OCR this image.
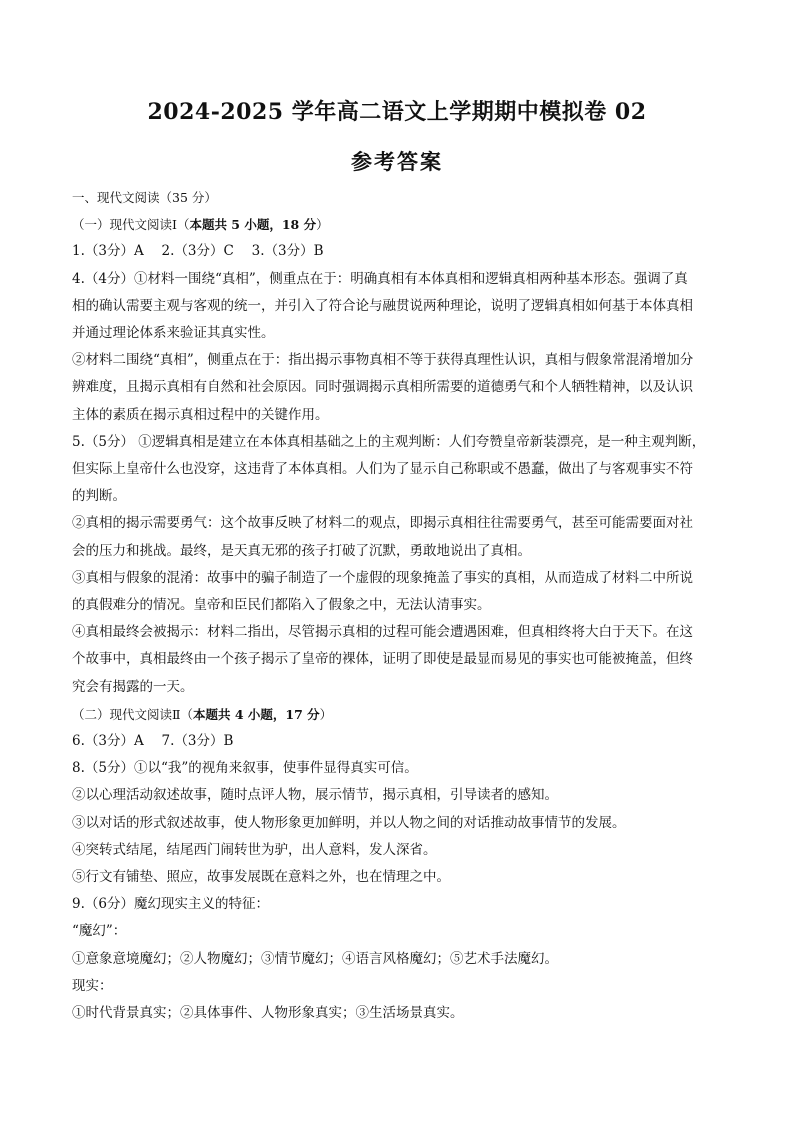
2024-2025 学年高二语文上学期期中模拟卷 02
参考答案

一、现代文阅读（35 分）

（一）现代文阅读Ⅰ（本题共 5 小题，18 分）

1.（3分）A　 2.（3分）C　 3.（3分）B

4.（4分）①材料一围绕“真相”，侧重点在于：明确真相有本体真相和逻辑真相两种基本形态。强调了真

相的确认需要主观与客观的统一，并引入了符合论与融贯说两种理论，说明了逻辑真相如何基于本体真相

并通过理论体系来验证其真实性。

②材料二围绕“真相”，侧重点在于：指出揭示事物真相不等于获得真理性认识，真相与假象常混淆增加分

辨难度，且揭示真相有自然和社会原因。同时强调揭示真相所需要的道德勇气和个人牺牲精神，以及认识

主体的素质在揭示真相过程中的关键作用。

5.（5分） ①逻辑真相是建立在本体真相基础之上的主观判断：人们夸赞皇帝新装漂亮，是一种主观判断，

但实际上皇帝什么也没穿，这违背了本体真相。人们为了显示自己称职或不愚蠢，做出了与客观事实不符

的判断。

②真相的揭示需要勇气：这个故事反映了材料二的观点，即揭示真相往往需要勇气，甚至可能需要面对社

会的压力和挑战。最终，是天真无邪的孩子打破了沉默，勇敢地说出了真相。

③真相与假象的混淆：故事中的骗子制造了一个虚假的现象掩盖了事实的真相，从而造成了材料二中所说

的真假难分的情况。皇帝和臣民们都陷入了假象之中，无法认清事实。

④真相最终会被揭示：材料二指出，尽管揭示真相的过程可能会遭遇困难，但真相终将大白于天下。在这

个故事中，真相最终由一个孩子揭示了皇帝的裸体，证明了即使是最显而易见的事实也可能被掩盖，但终

究会有揭露的一天。

（二）现代文阅读Ⅱ（本题共 4 小题，17 分）

6.（3分）A　 7.（3分）B

8.（5分）①以“我”的视角来叙事，使事件显得真实可信。

②以心理活动叙述故事，随时点评人物，展示情节，揭示真相，引导读者的感知。

③以对话的形式叙述故事，使人物形象更加鲜明，并以人物之间的对话推动故事情节的发展。

④突转式结尾，结尾西门闹转世为驴，出人意料，发人深省。

⑤行文有铺垫、照应，故事发展既在意料之外，也在情理之中。

9.（6分）魔幻现实主义的特征：

“魔幻”：

①意象意境魔幻；②人物魔幻；③情节魔幻；④语言风格魔幻；⑤艺术手法魔幻。

现实：

①时代背景真实；②具体事件、人物形象真实；③生活场景真实。
